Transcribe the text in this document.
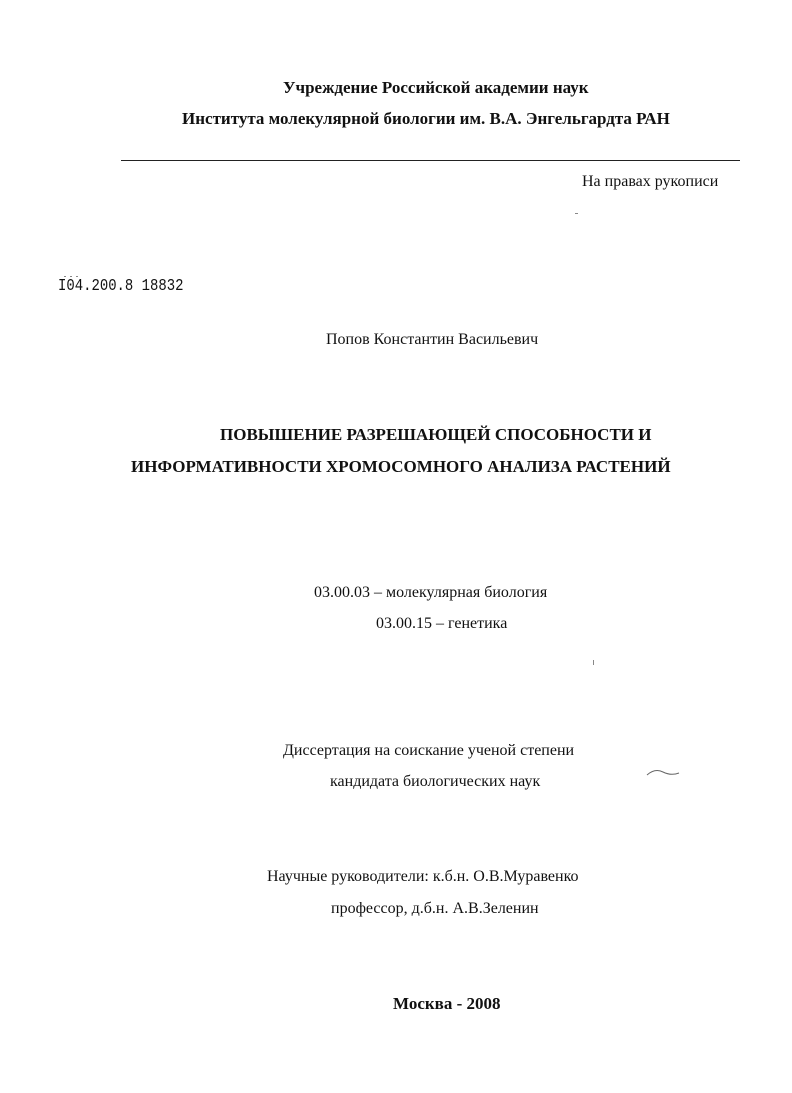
Учреждение Российской академии наук
Института молекулярной биологии им. В.А. Энгельгардта РАН
На правах рукописи
I04.200.8 18832
Попов Константин Васильевич
ПОВЫШЕНИЕ РАЗРЕШАЮЩЕЙ СПОСОБНОСТИ И
ИНФОРМАТИВНОСТИ ХРОМОСОМНОГО АНАЛИЗА РАСТЕНИЙ
03.00.03 – молекулярная биология
03.00.15 – генетика
Диссертация на соискание ученой степени
кандидата биологических наук
Научные руководители: к.б.н. О.В.Муравенко
профессор, д.б.н. А.В.Зеленин
Москва - 2008
